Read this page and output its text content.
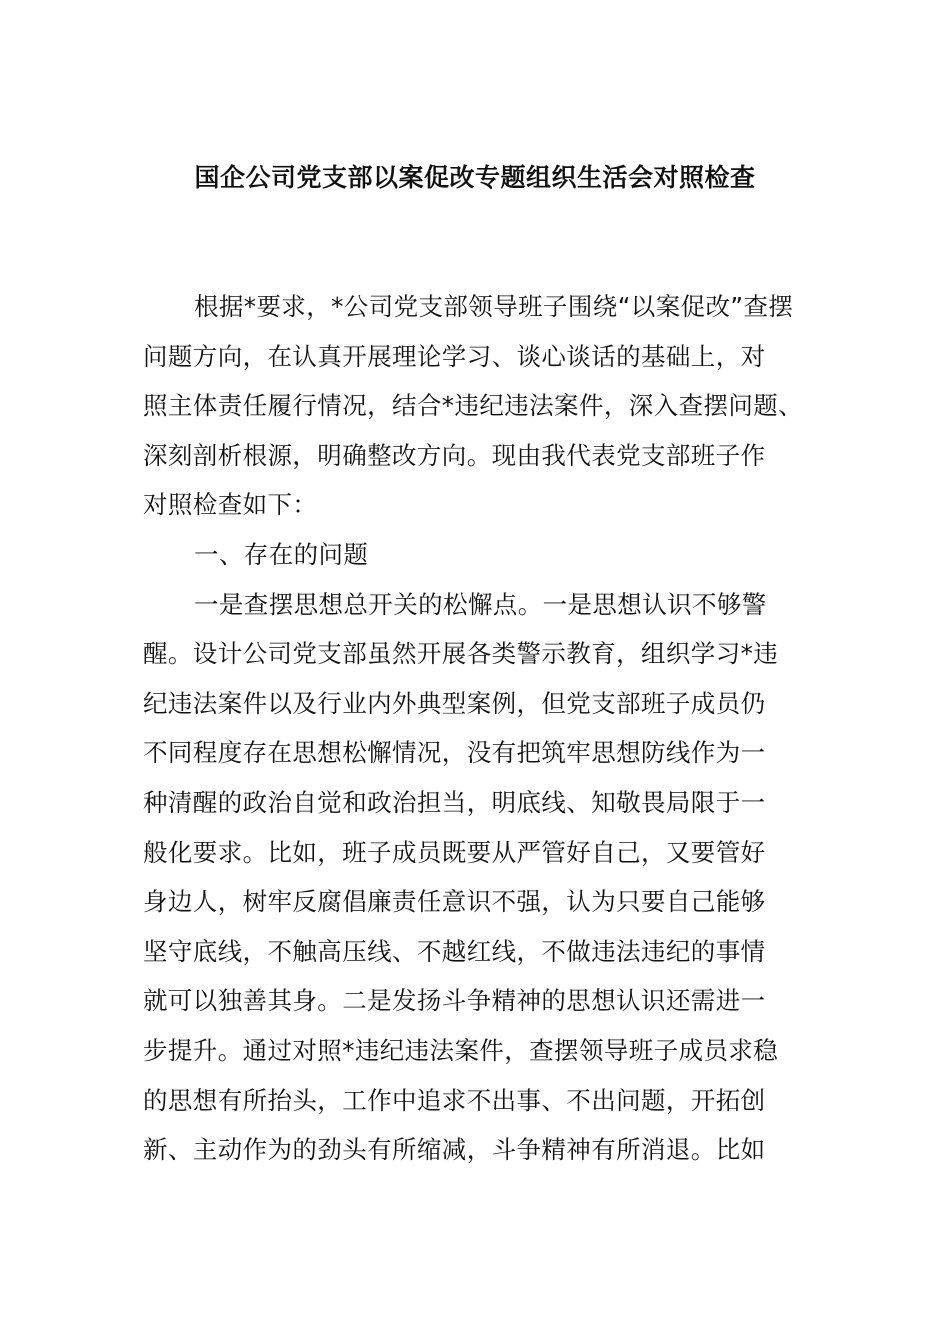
国企公司党支部以案促改专题组织生活会对照检查
根据*要求，*公司党支部领导班子围绕“以案促改”查摆
问题方向，在认真开展理论学习、谈心谈话的基础上，对
照主体责任履行情况，结合*违纪违法案件，深入查摆问题、
深刻剖析根源，明确整改方向。现由我代表党支部班子作
对照检查如下：
一、存在的问题
一是查摆思想总开关的松懈点。一是思想认识不够警
醒。设计公司党支部虽然开展各类警示教育，组织学习*违
纪违法案件以及行业内外典型案例，但党支部班子成员仍
不同程度存在思想松懈情况，没有把筑牢思想防线作为一
种清醒的政治自觉和政治担当，明底线、知敬畏局限于一
般化要求。比如，班子成员既要从严管好自己，又要管好
身边人，树牢反腐倡廉责任意识不强，认为只要自己能够
坚守底线，不触高压线、不越红线，不做违法违纪的事情
就可以独善其身。二是发扬斗争精神的思想认识还需进一
步提升。通过对照*违纪违法案件，查摆领导班子成员求稳
的思想有所抬头，工作中追求不出事、不出问题，开拓创
新、主动作为的劲头有所缩减，斗争精神有所消退。比如
